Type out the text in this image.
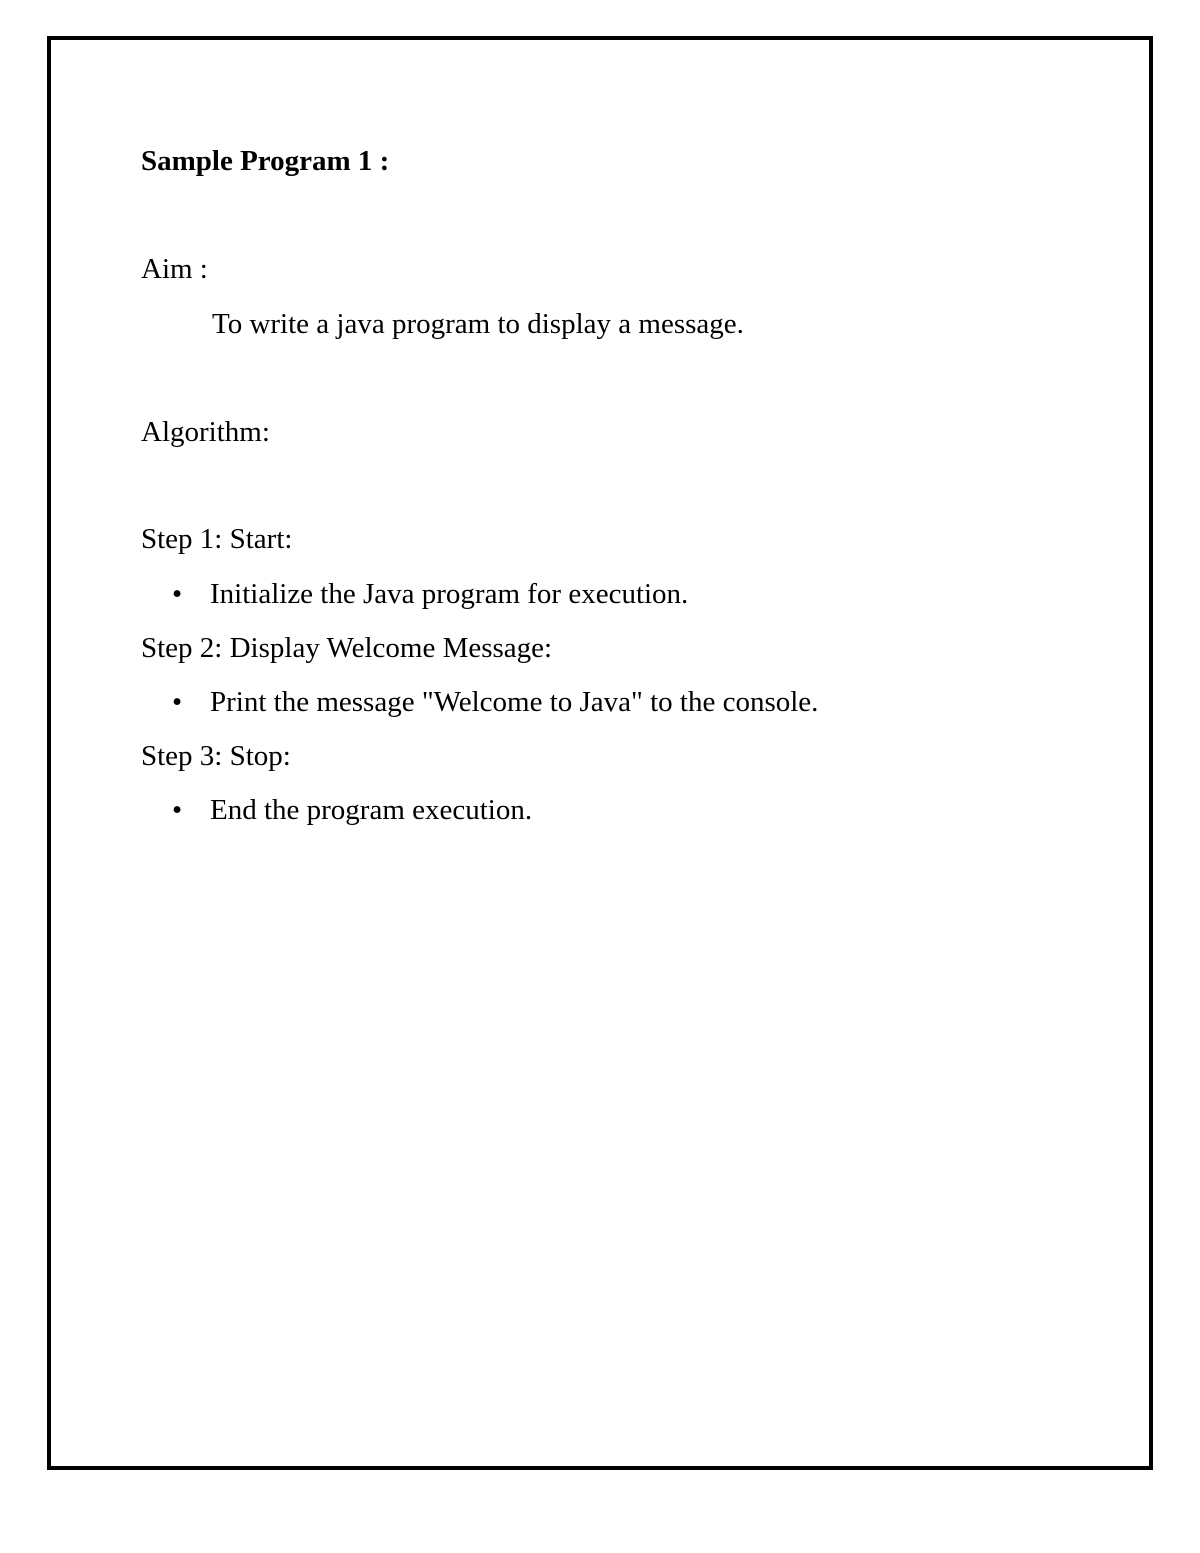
Sample Program 1 :
Aim :
To write a java program to display a message.
Algorithm:
Step 1: Start:
• Initialize the Java program for execution.
Step 2: Display Welcome Message:
• Print the message "Welcome to Java" to the console.
Step 3: Stop:
• End the program execution.
